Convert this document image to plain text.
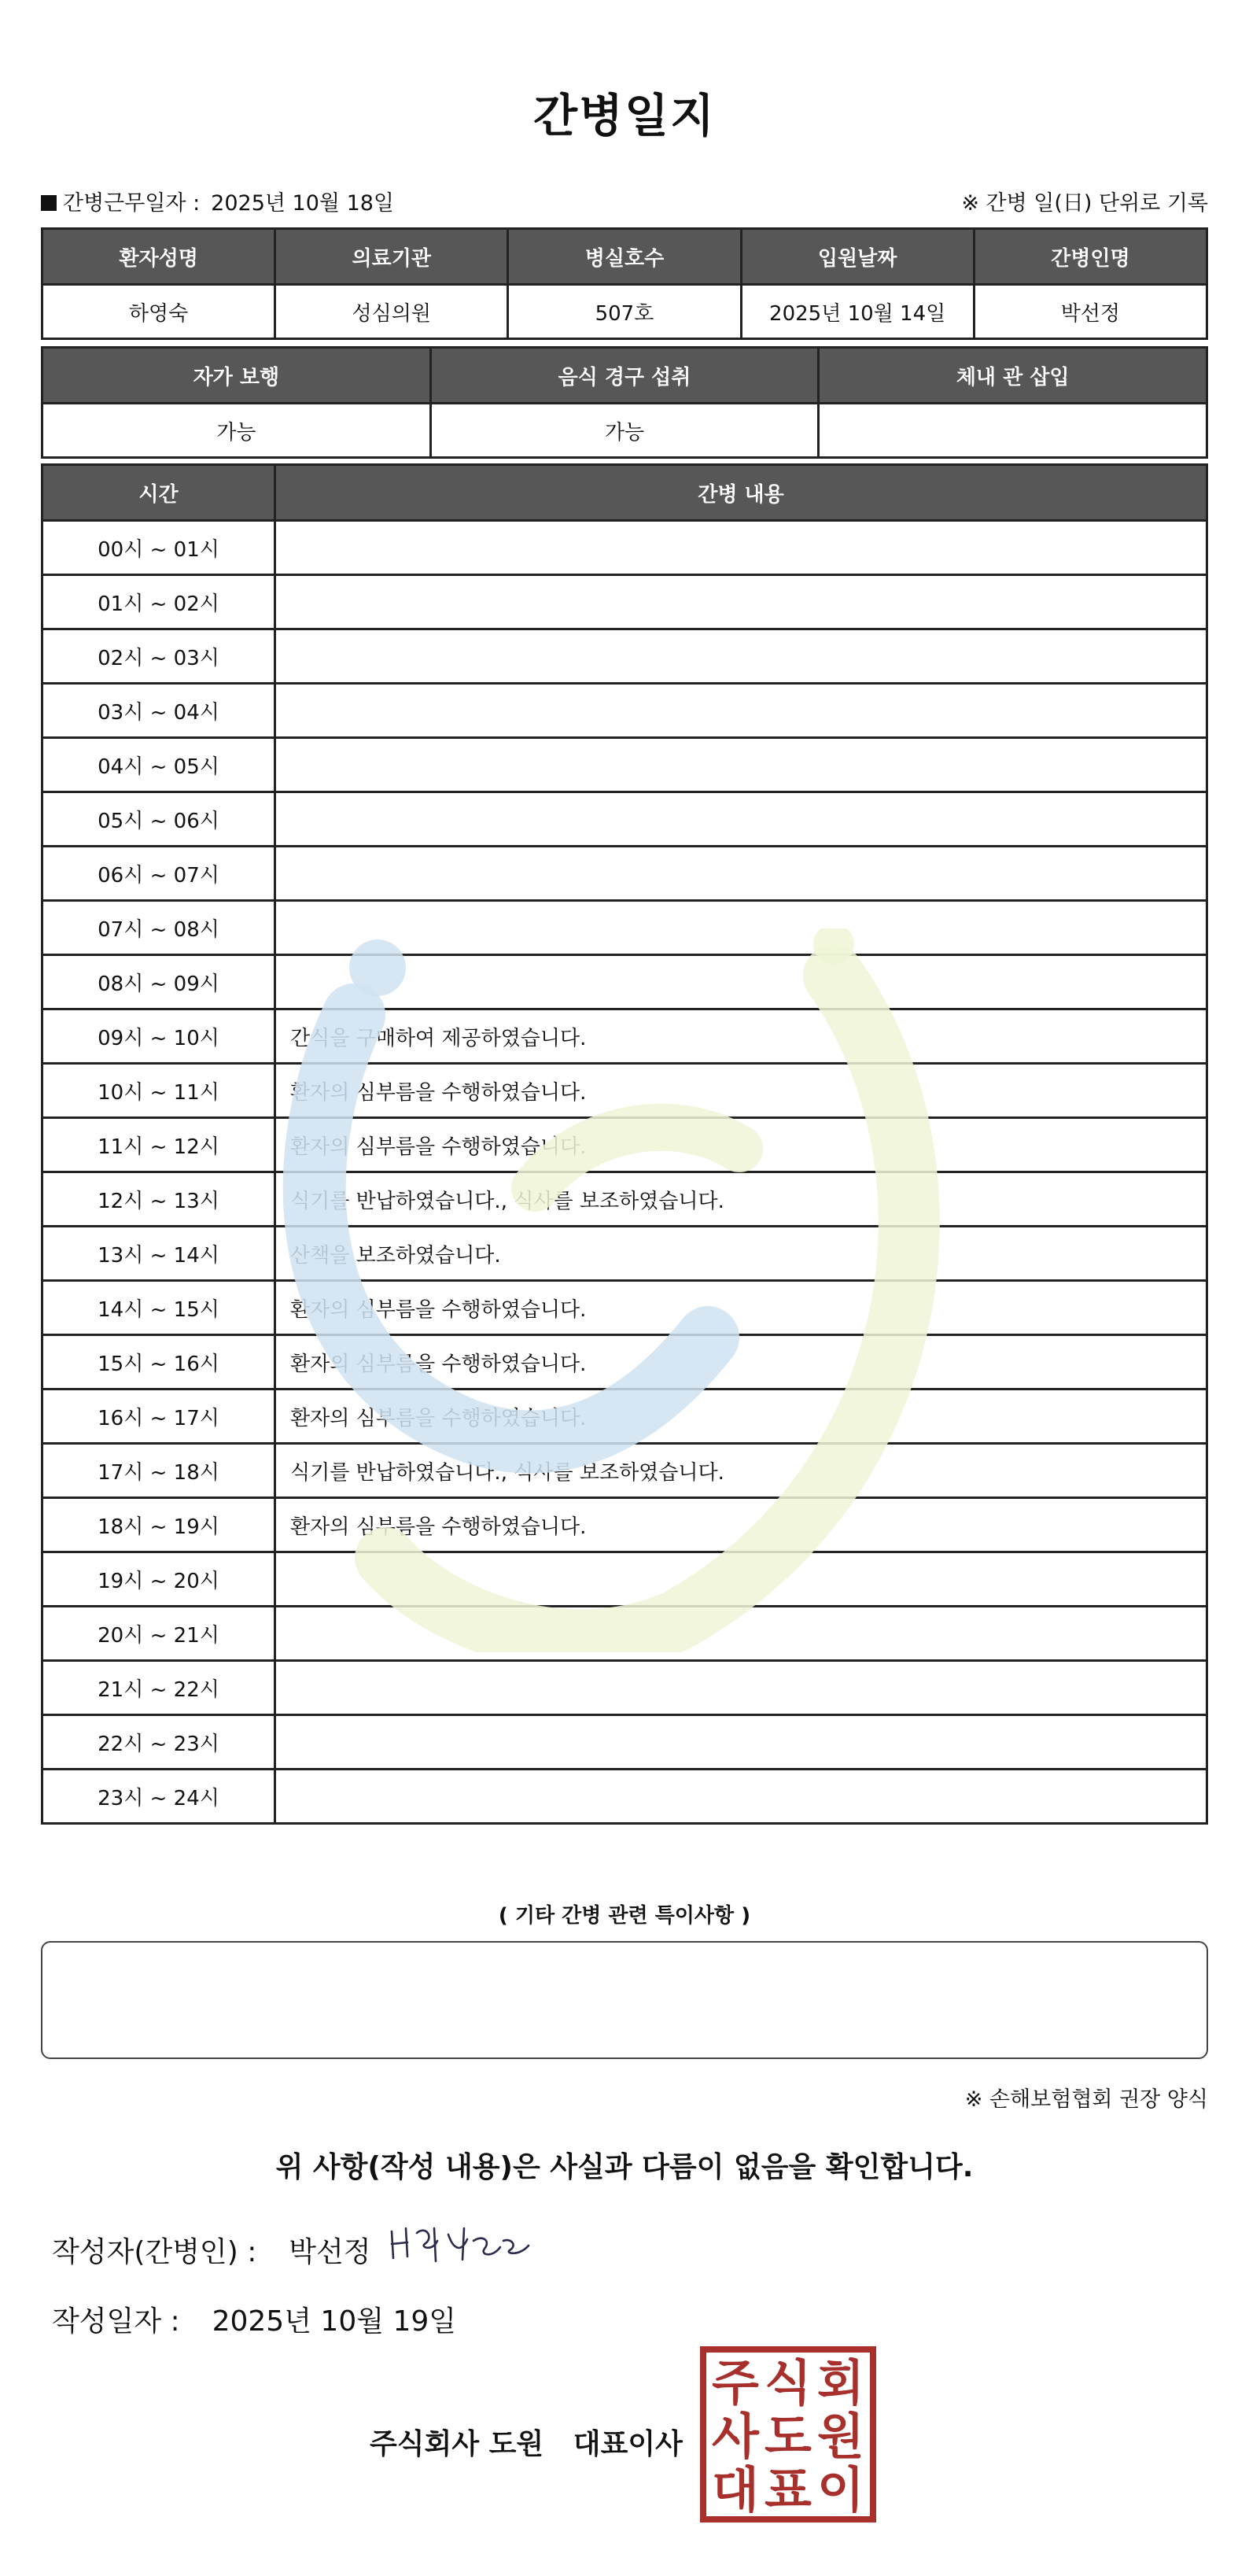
간병일지
간병근무일자 : 2025년 10월 18일	※ 간병 일(日) 단위로 기록
환자성명	의료기관	병실호수	입원날짜	간병인명
하영숙	성심의원	507호	2025년 10월 14일	박선정
자가 보행	음식 경구 섭취	체내 관 삽입
가능	가능	
시간	간병 내용
00시 ~ 01시	
01시 ~ 02시	
02시 ~ 03시	
03시 ~ 04시	
04시 ~ 05시	
05시 ~ 06시	
06시 ~ 07시	
07시 ~ 08시	
08시 ~ 09시	
09시 ~ 10시	간식을 구매하여 제공하였습니다.
10시 ~ 11시	환자의 심부름을 수행하였습니다.
11시 ~ 12시	환자의 심부름을 수행하였습니다.
12시 ~ 13시	식기를 반납하였습니다., 식사를 보조하였습니다.
13시 ~ 14시	산책을 보조하였습니다.
14시 ~ 15시	환자의 심부름을 수행하였습니다.
15시 ~ 16시	환자의 심부름을 수행하였습니다.
16시 ~ 17시	환자의 심부름을 수행하였습니다.
17시 ~ 18시	식기를 반납하였습니다., 식사를 보조하였습니다.
18시 ~ 19시	환자의 심부름을 수행하였습니다.
19시 ~ 20시	
20시 ~ 21시	
21시 ~ 22시	
22시 ~ 23시	
23시 ~ 24시	
( 기타 간병 관련 특이사항 )
※ 손해보험협회 권장 양식
위 사항(작성 내용)은 사실과 다름이 없음을 확인합니다.
작성자(간병인) : 박선정
작성일자 : 2025년 10월 19일
주식회사 도원   대표이사
주 식 회
사 도 원
대 표 이
